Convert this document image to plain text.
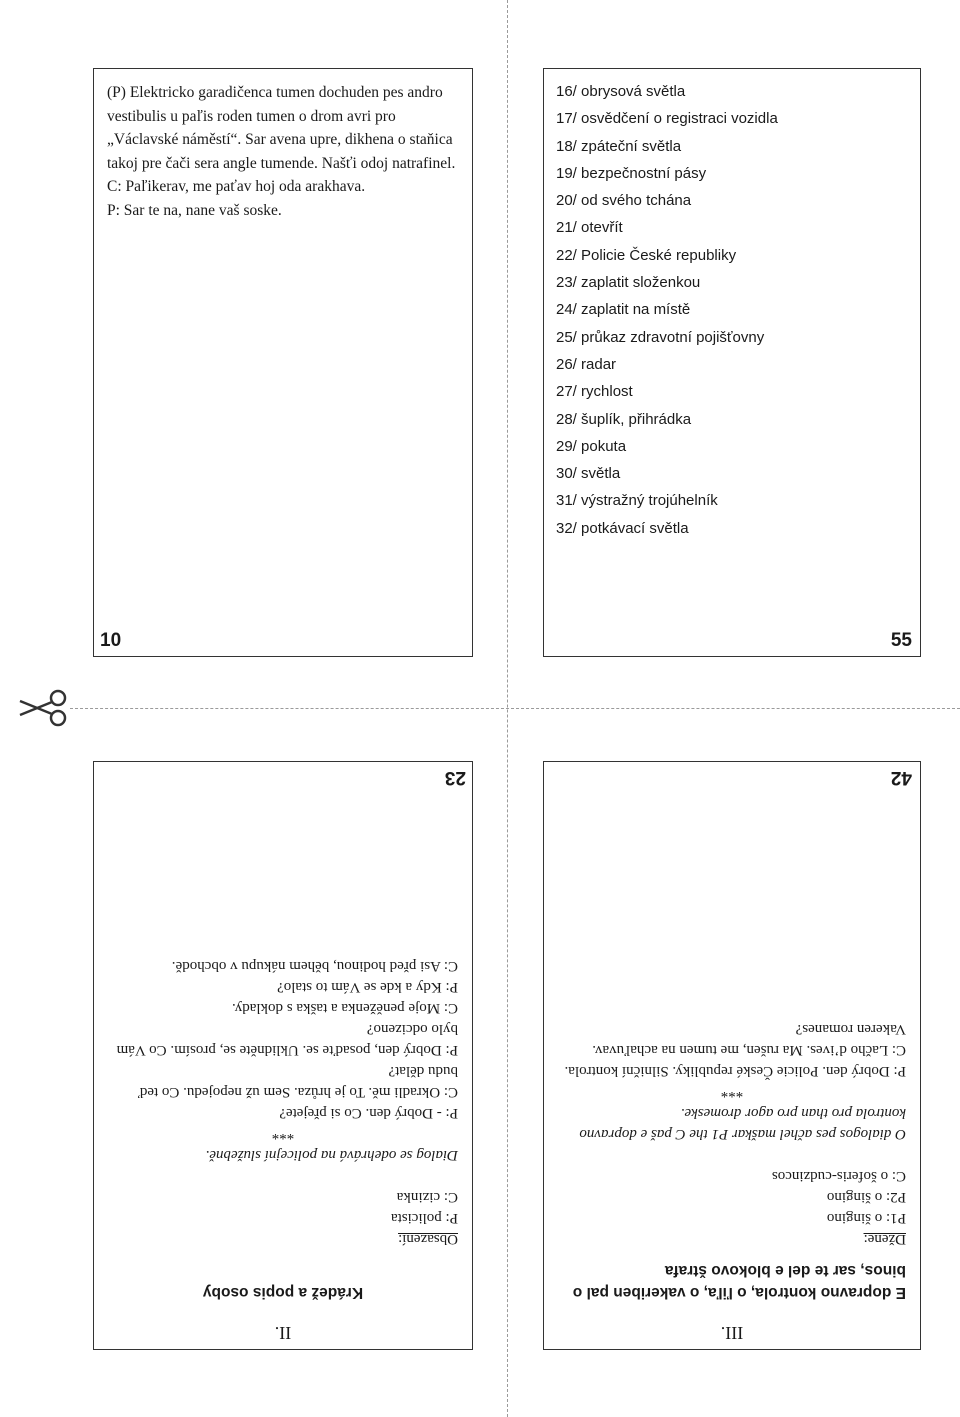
(P) Elektricko garadičenca tumen dochuden pes andro vestibulis u paľis roden tumen o drom avri pro „Václavské náměstí“. Sar avena upre, dikhena o staňica takoj pre čači sera angle tumende. Našťi odoj natrafinel.

C: Paľikerav, me paťav hoj oda arakhava.

P: Sar te na, nane vaš soske.

10
16/ obrysová světla
17/ osvědčení o registraci vozidla
18/ zpáteční světla
19/ bezpečnostní pásy
20/ od svého tchána
21/ otevřít
22/ Policie České republiky
23/ zaplatit složenkou
24/ zaplatit na místě
25/ průkaz zdravotní pojišťovny
26/ radar
27/ rychlost
28/ šuplík, přihrádka
29/ pokuta
30/ světla
31/ výstražný trojúhelník
32/ potkávací světla
55
II.
Krádež a popis osoby

Obsazení:

P: policista

C: cizinka

Dialog se odehrává na policejní služebně.

***

P: - Dobrý den. Co si přejete?

C: Okradli mě. To je hrůza. Sem už nepojedu. Co teď budu dělat?

P: Dobrý den, posaďte se. Uklidněte se, prosím. Co Vám bylo odcizeno?

C: Moje peněženka a taška s doklady.

P: Kdy a kde se Vám to stalo?

C: Asi před hodinou, během nákupu v obchodě.

23
III.
E dopravno kontrola, o ľiľa, o vakeriben pal o binos, sar te del e blokovo štrafa

Džene:

P1: o šingino

P2: o šingino

C: o šoferis-cudzincos

O dialogos pes ačhel maškar P1 the C paš e dopravno kontrola pro than pro agor dromeske.

***

P: Dobrý den. Policie České republiky. Silniční kontrola.

C: Lačho d’ives. Ma rušen, me tumen na achaľuvav. Vakeren romanes?

42
